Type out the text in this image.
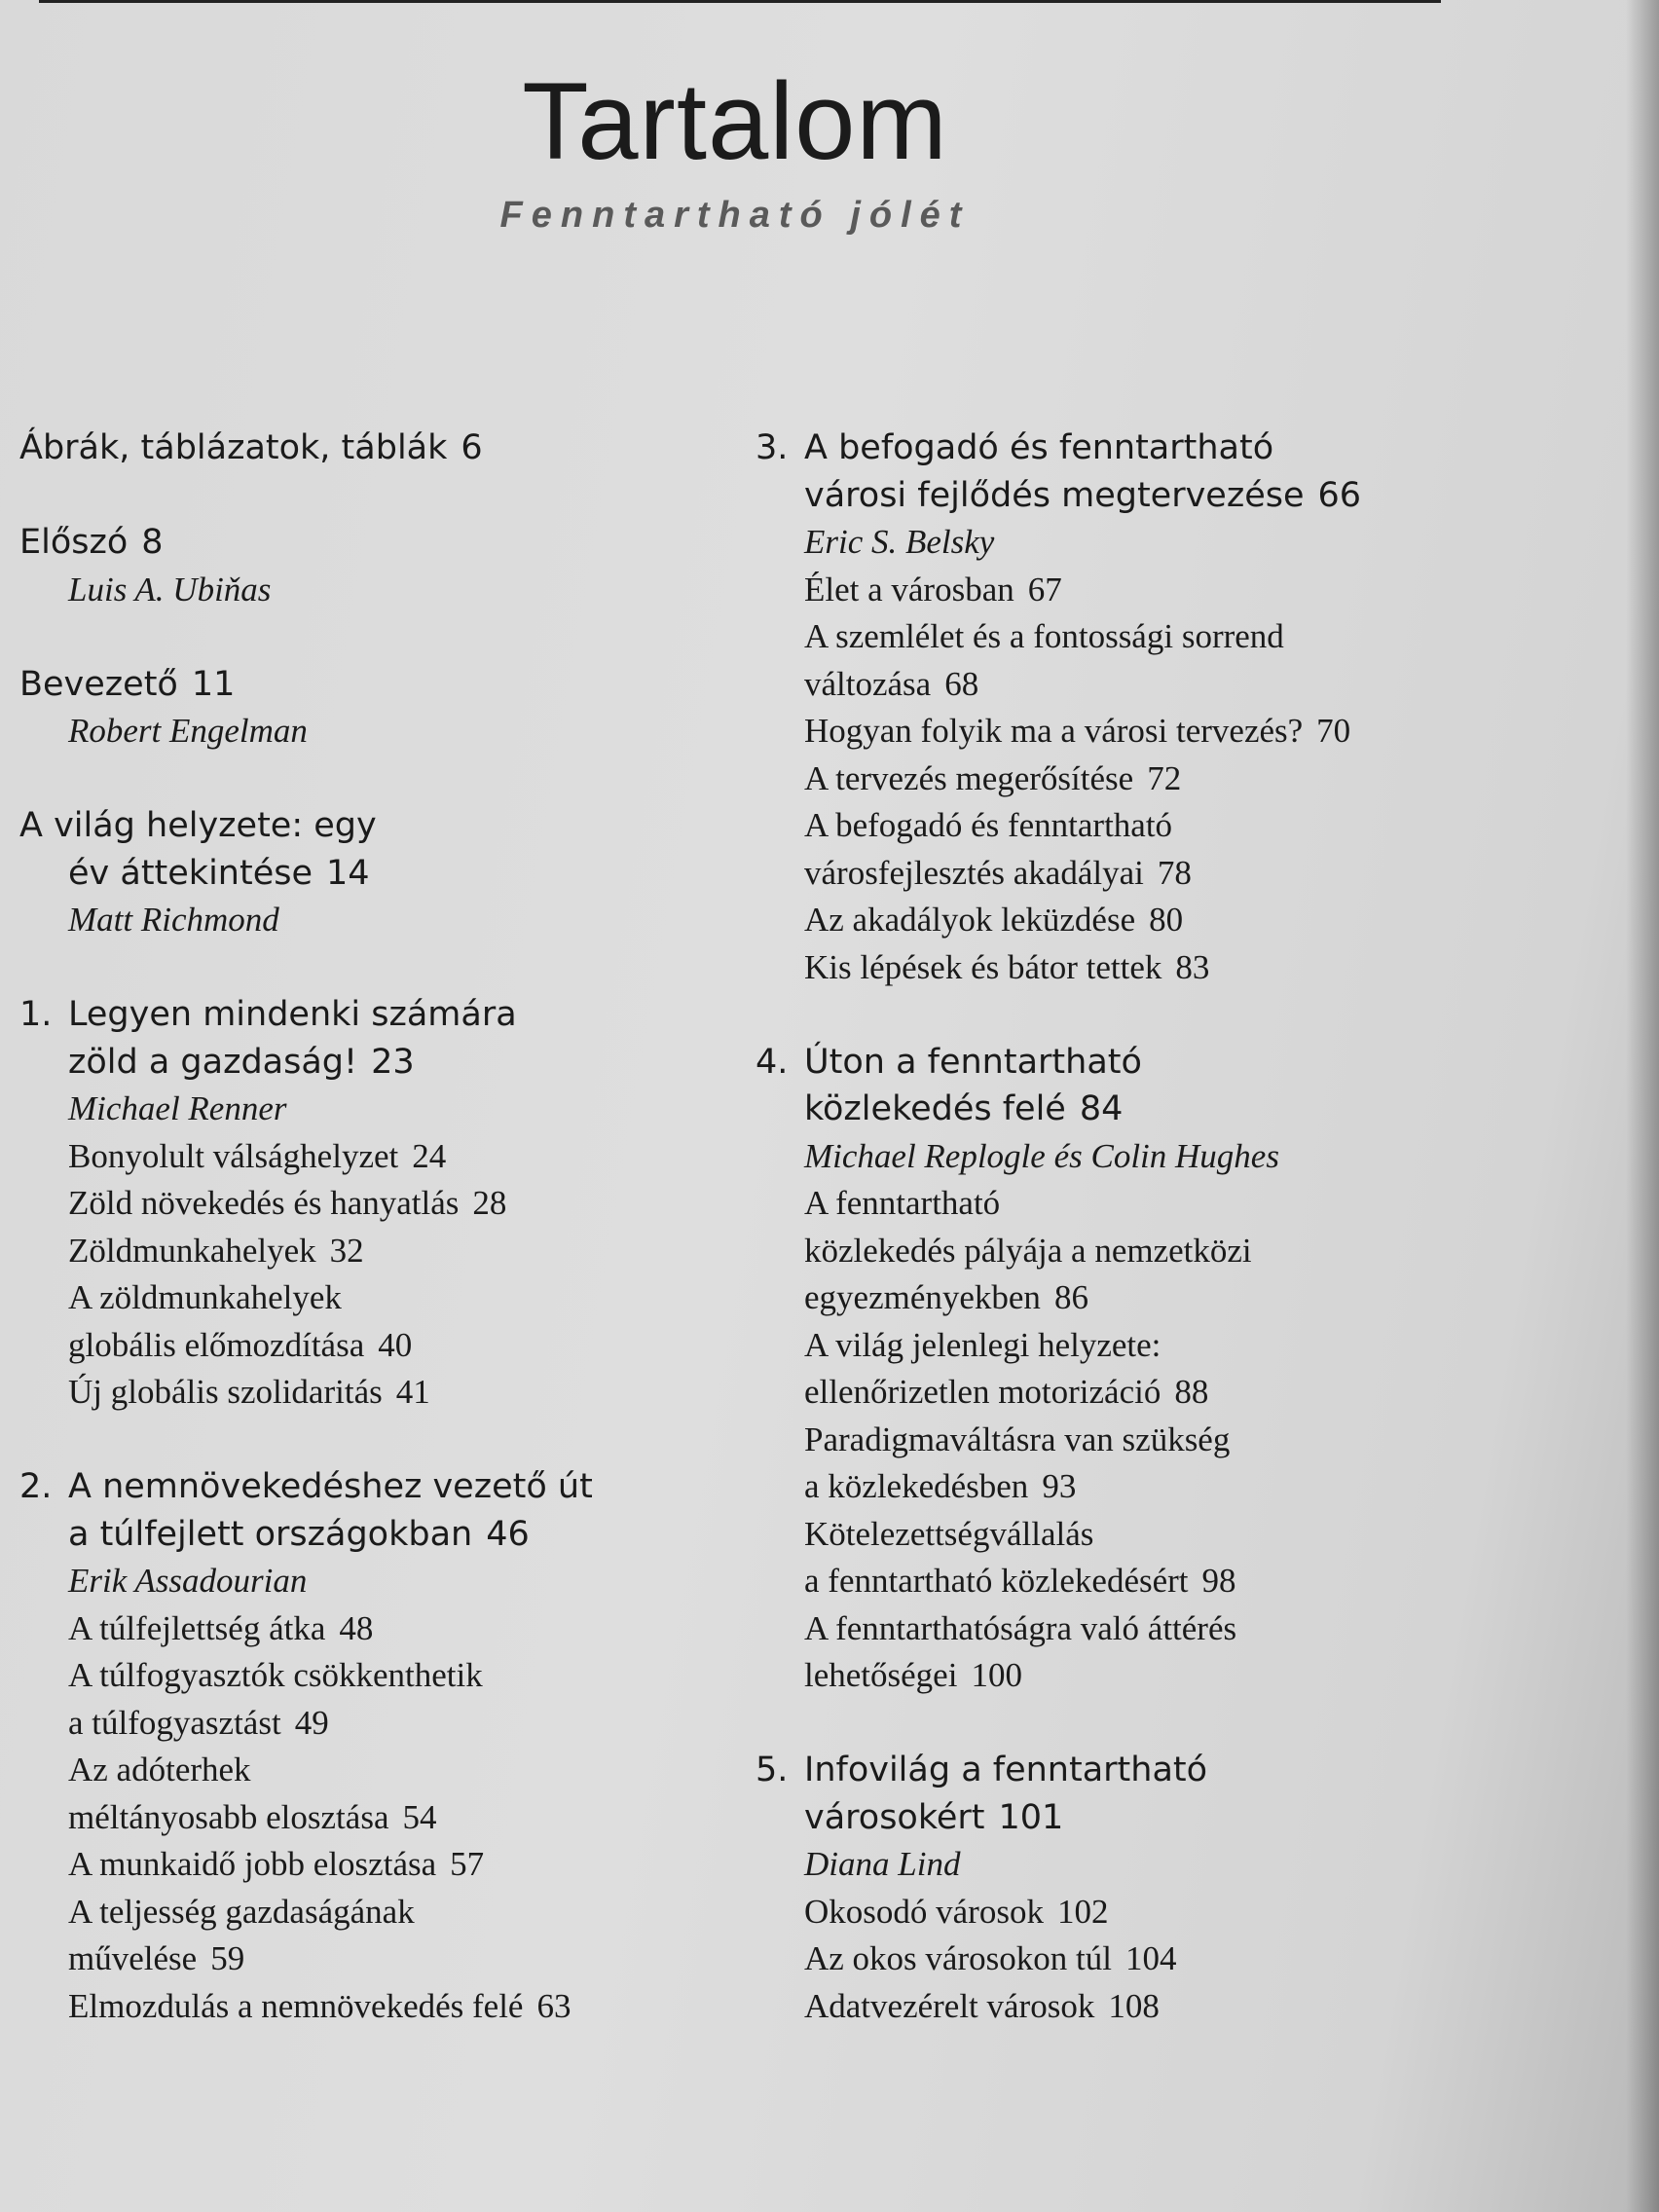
Tartalom
Fenntartható jólét
Ábrák, táblázatok, táblák 6
Előszó 8
Luis A. Ubiňas
Bevezető 11
Robert Engelman
A világ helyzete: egy
év áttekintése 14
Matt Richmond
1. Legyen mindenki számára
zöld a gazdaság! 23
Michael Renner
Bonyolult válsághelyzet 24
Zöld növekedés és hanyatlás 28
Zöldmunkahelyek 32
A zöldmunkahelyek
globális előmozdítása 40
Új globális szolidaritás 41
2. A nemnövekedéshez vezető út
a túlfejlett országokban 46
Erik Assadourian
A túlfejlettség átka 48
A túlfogyasztók csökkenthetik
a túlfogyasztást 49
Az adóterhek
méltányosabb elosztása 54
A munkaidő jobb elosztása 57
A teljesség gazdaságának
művelése 59
Elmozdulás a nemnövekedés felé 63
3. A befogadó és fenntartható
városi fejlődés megtervezése 66
Eric S. Belsky
Élet a városban 67
A szemlélet és a fontossági sorrend
változása 68
Hogyan folyik ma a városi tervezés? 70
A tervezés megerősítése 72
A befogadó és fenntartható
városfejlesztés akadályai 78
Az akadályok leküzdése 80
Kis lépések és bátor tettek 83
4. Úton a fenntartható
közlekedés felé 84
Michael Replogle és Colin Hughes
A fenntartható
közlekedés pályája a nemzetközi
egyezményekben 86
A világ jelenlegi helyzete:
ellenőrizetlen motorizáció 88
Paradigmaváltásra van szükség
a közlekedésben 93
Kötelezettségvállalás
a fenntartható közlekedésért 98
A fenntarthatóságra való áttérés
lehetőségei 100
5. Infovilág a fenntartható
városokért 101
Diana Lind
Okosodó városok 102
Az okos városokon túl 104
Adatvezérelt városok 108
